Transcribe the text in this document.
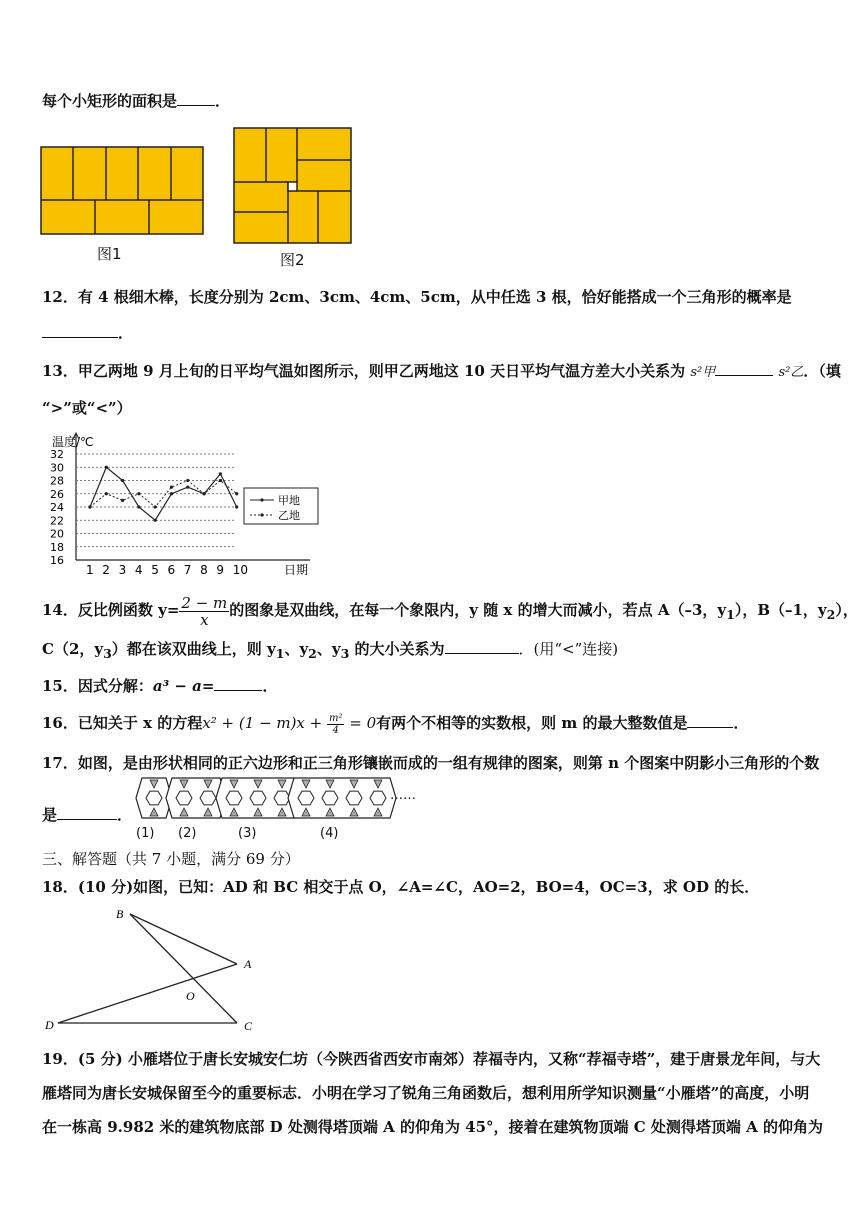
每个小矩形的面积是	．
图1	图2
12．有 4 根细木棒，长度分别为 2cm、3cm、4cm、5cm，从中任选 3 根，恰好能搭成一个三角形的概率是
．
13．甲乙两地 9 月上旬的日平均气温如图所示，则甲乙两地这 10 天日平均气温方差大小关系为 s²甲	s²乙．（填
“>”或“<”）
16
18
20
22
24
26
28
30
32
1 2 3 4 5 6 7 8 9 10
温度/℃
日期
甲地
乙地
14．反比例函数 $y= \frac{2 - m}{x}$ 的图象是双曲线，在每一个象限内，y 随 x 的增大而减小，若点 A（–3，$y_1$），B（–1，$y_2$），
C（2，$y_3$）都在该双曲线上，则 $y_1$、$y_2$、$y_3$ 的大小关系为	．(用“<”连接)
15．因式分解：a³ − a=	．
16．已知关于 x 的方程$x^2 + (1 - m)x + \frac{\text{m²}}{4} = 0$有两个不相等的实数根，则 m 的最大整数值是	．
17．如图，是由形状相同的正六边形和正三角形镶嵌而成的一组有规律的图案，则第 n 个图案中阴影小三角形的个数
是	．
……
(1) (2)	(3)	(4)
三、解答题（共 7 小题，满分 69 分）
18．(10 分)如图，已知：AD 和 BC 相交于点 O，∠A=∠C，AO=2，BO=4，OC=3，求 OD 的长．
B
A
O
D	C
19．(5 分) 小雁塔位于唐长安城安仁坊（今陕西省西安市南郊）荐福寺内，又称“荐福寺塔”，建于唐景龙年间，与大
雁塔同为唐长安城保留至今的重要标志．小明在学习了锐角三角函数后，想利用所学知识测量“小雁塔”的高度，小明
在一栋高 9.982 米的建筑物底部 D 处测得塔顶端 A 的仰角为 45°，接着在建筑物顶端 C 处测得塔顶端 A 的仰角为
